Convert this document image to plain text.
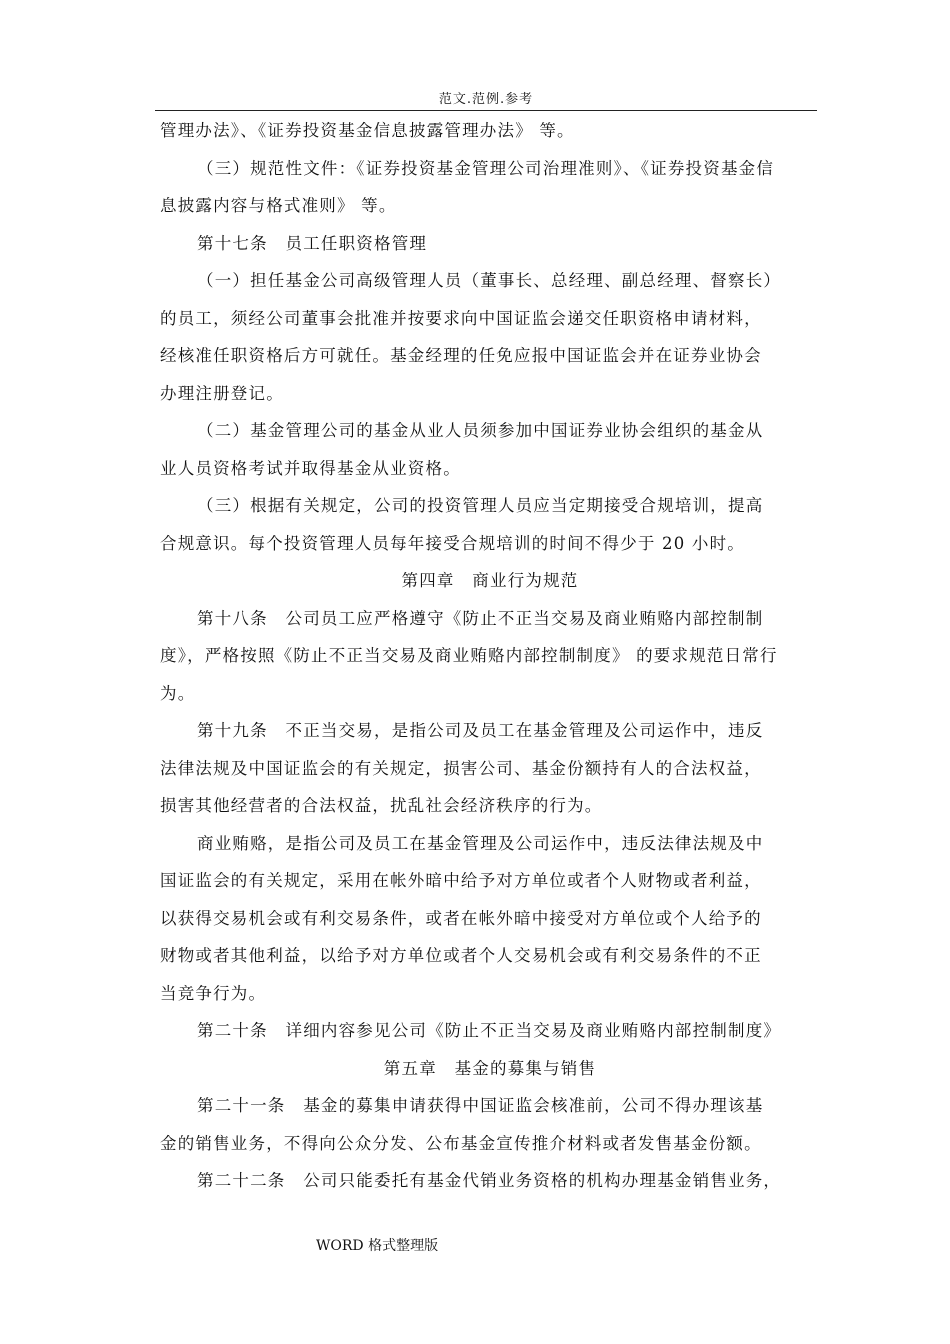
范文.范例.参考
管理办法》、《证券投资基金信息披露管理办法》 等。
（三）规范性文件：《证券投资基金管理公司治理准则》、《证券投资基金信
息披露内容与格式准则》 等。
第十七条　员工任职资格管理
（一）担任基金公司高级管理人员（董事长、总经理、副总经理、督察长）
的员工，须经公司董事会批准并按要求向中国证监会递交任职资格申请材料，
经核准任职资格后方可就任。基金经理的任免应报中国证监会并在证券业协会
办理注册登记。
（二）基金管理公司的基金从业人员须参加中国证券业协会组织的基金从
业人员资格考试并取得基金从业资格。
（三）根据有关规定，公司的投资管理人员应当定期接受合规培训，提高
合规意识。每个投资管理人员每年接受合规培训的时间不得少于 20 小时。
第四章　商业行为规范
第十八条　公司员工应严格遵守《防止不正当交易及商业贿赂内部控制制
度》，严格按照《防止不正当交易及商业贿赂内部控制制度》 的要求规范日常行
为。
第十九条　不正当交易，是指公司及员工在基金管理及公司运作中，违反
法律法规及中国证监会的有关规定，损害公司、基金份额持有人的合法权益，
损害其他经营者的合法权益，扰乱社会经济秩序的行为。
商业贿赂，是指公司及员工在基金管理及公司运作中，违反法律法规及中
国证监会的有关规定，采用在帐外暗中给予对方单位或者个人财物或者利益，
以获得交易机会或有利交易条件，或者在帐外暗中接受对方单位或个人给予的
财物或者其他利益，以给予对方单位或者个人交易机会或有利交易条件的不正
当竞争行为。
第二十条　详细内容参见公司《防止不正当交易及商业贿赂内部控制制度》
第五章　基金的募集与销售
第二十一条　基金的募集申请获得中国证监会核准前，公司不得办理该基
金的销售业务，不得向公众分发、公布基金宣传推介材料或者发售基金份额。
第二十二条　公司只能委托有基金代销业务资格的机构办理基金销售业务，
WORD 格式整理版
